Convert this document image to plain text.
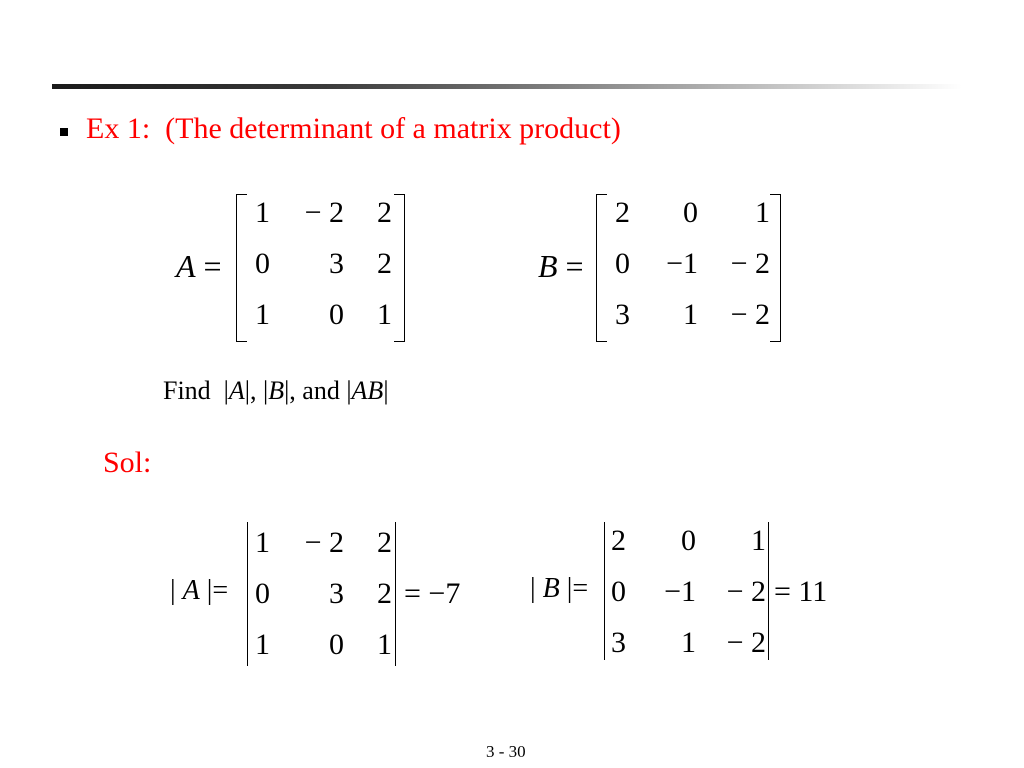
Ex 1:  (The determinant of a matrix product)
A =
1	− 2	2
0	3	2
1	0	1
B =
2	0	1
0	−1	− 2
3	1	− 2
Find  |A|, |B|, and |AB|
Sol:
| A |=
1	− 2	2
0	3	2
1	0	1
= −7 | B |=
2	0	1
0	−1	− 2
3	1	− 2
= 11
3 - 30
